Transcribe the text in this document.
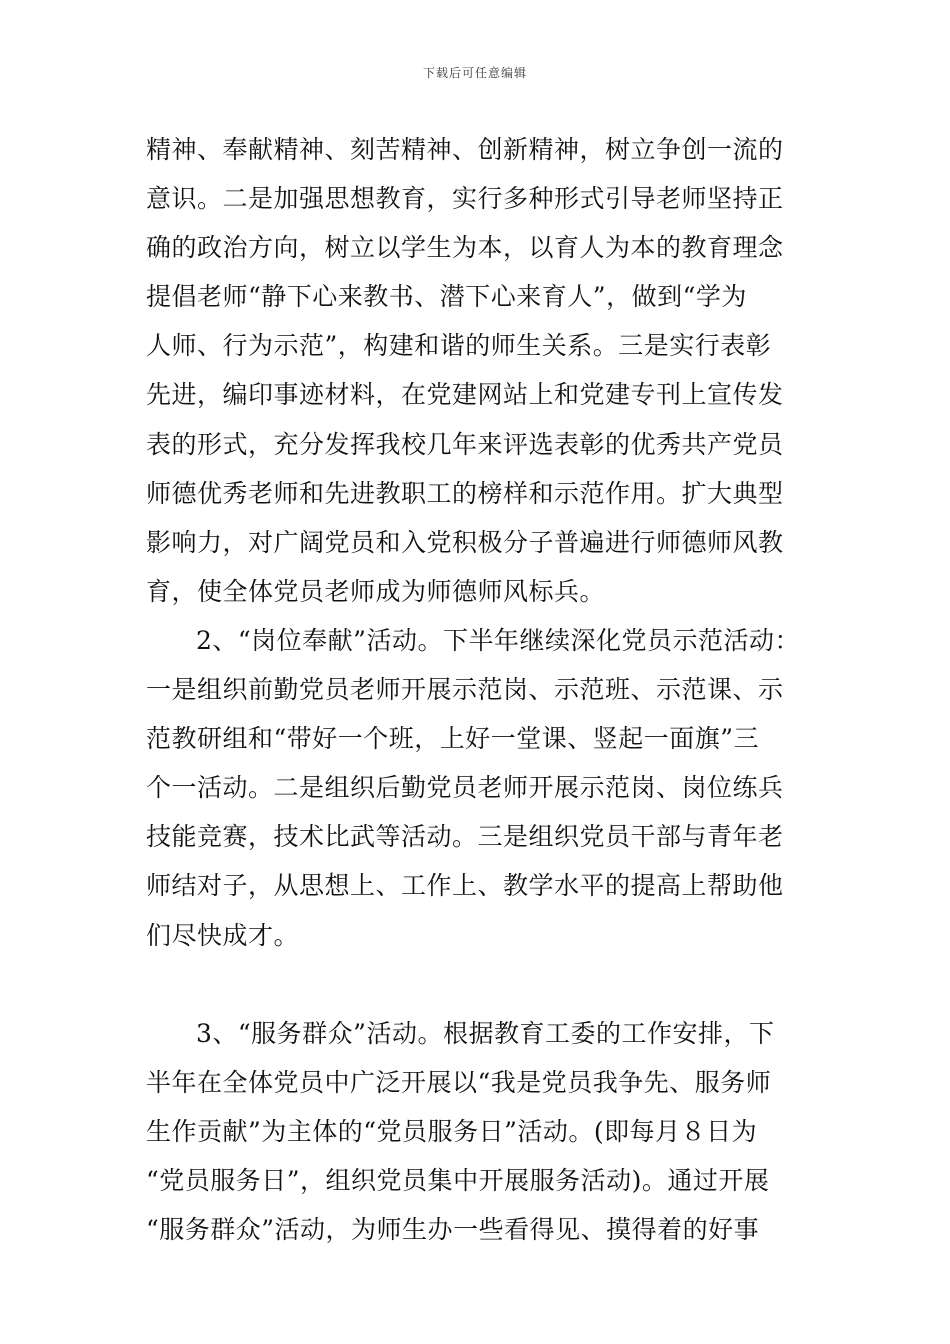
下载后可任意编辑
精神、奉献精神、刻苦精神、创新精神，树立争创一流的
意识。二是加强思想教育，实行多种形式引导老师坚持正
确的政治方向，树立以学生为本，以育人为本的教育理念
提倡老师“静下心来教书、潜下心来育人”，做到“学为
人师、行为示范”，构建和谐的师生关系。三是实行表彰
先进，编印事迹材料，在党建网站上和党建专刊上宣传发
表的形式，充分发挥我校几年来评选表彰的优秀共产党员
师德优秀老师和先进教职工的榜样和示范作用。扩大典型
影响力，对广阔党员和入党积极分子普遍进行师德师风教
育，使全体党员老师成为师德师风标兵。
2、“岗位奉献”活动。下半年继续深化党员示范活动：
一是组织前勤党员老师开展示范岗、示范班、示范课、示
范教研组和“带好一个班，上好一堂课、竖起一面旗”三
个一活动。二是组织后勤党员老师开展示范岗、岗位练兵
技能竞赛，技术比武等活动。三是组织党员干部与青年老
师结对子，从思想上、工作上、教学水平的提高上帮助他
们尽快成才。
3、“服务群众”活动。根据教育工委的工作安排，下
半年在全体党员中广泛开展以“我是党员我争先、服务师
生作贡献”为主体的“党员服务日”活动。(即每月８日为
“党员服务日”，组织党员集中开展服务活动)。通过开展
“服务群众”活动，为师生办一些看得见、摸得着的好事
